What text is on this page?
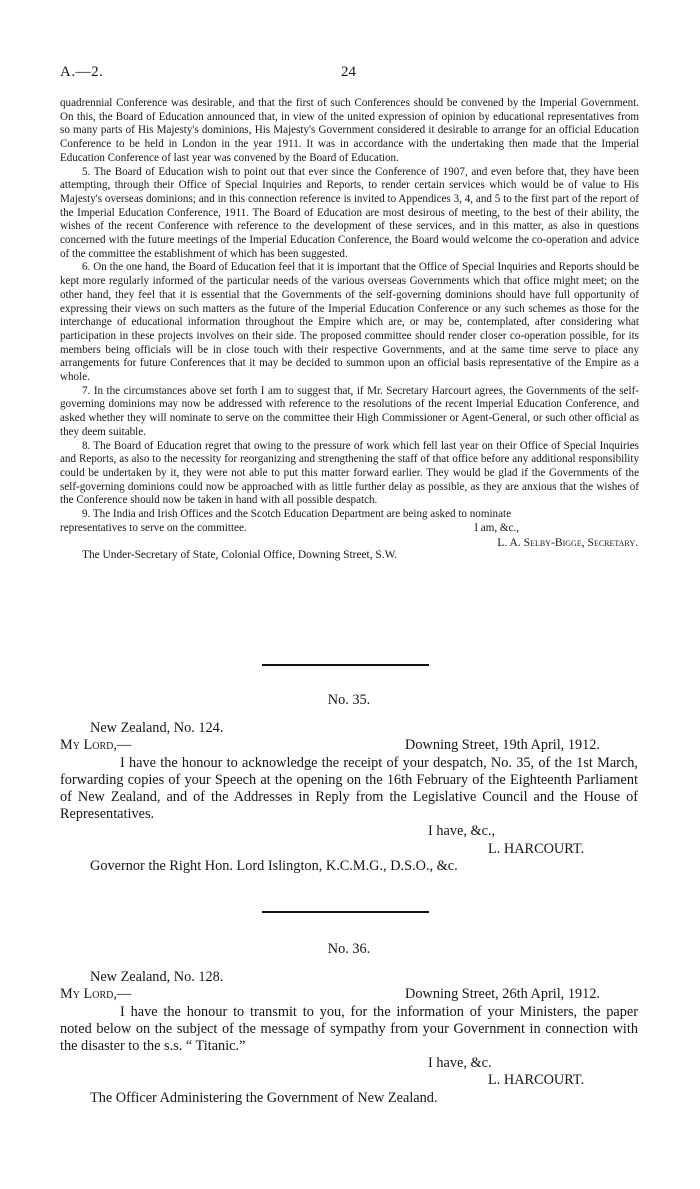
A.—2.	24

quadrennial Conference was desirable, and that the first of such Conferences should be convened by the Imperial Government. On this, the Board of Education announced that, in view of the united expression of opinion by educational representatives from so many parts of His Majesty's dominions, His Majesty's Government considered it desirable to arrange for an official Education Conference to be held in London in the year 1911. It was in accordance with the undertaking then made that the Imperial Education Conference of last year was convened by the Board of Education.

5. The Board of Education wish to point out that ever since the Conference of 1907, and even before that, they have been attempting, through their Office of Special Inquiries and Reports, to render certain services which would be of value to His Majesty's overseas dominions; and in this connection reference is invited to Appendices 3, 4, and 5 to the first part of the report of the Imperial Education Conference, 1911. The Board of Education are most desirous of meeting, to the best of their ability, the wishes of the recent Conference with reference to the development of these services, and in this matter, as also in questions concerned with the future meetings of the Imperial Education Conference, the Board would welcome the co-operation and advice of the committee the establishment of which has been suggested.

6. On the one hand, the Board of Education feel that it is important that the Office of Special Inquiries and Reports should be kept more regularly informed of the particular needs of the various overseas Governments which that office might meet; on the other hand, they feel that it is essential that the Governments of the self-governing dominions should have full opportunity of expressing their views on such matters as the future of the Imperial Education Conference or any such schemes as those for the interchange of educational information throughout the Empire which are, or may be, contemplated, after considering what participation in these projects involves on their side. The proposed committee should render closer co-operation possible, for its members being officials will be in close touch with their respective Governments, and at the same time serve to place any arrangements for future Conferences that it may be decided to summon upon an official basis representative of the Empire as a whole.

7. In the circumstances above set forth I am to suggest that, if Mr. Secretary Harcourt agrees, the Governments of the self-governing dominions may now be addressed with reference to the resolutions of the recent Imperial Education Conference, and asked whether they will nominate to serve on the committee their High Commissioner or Agent-General, or such other official as they deem suitable.

8. The Board of Education regret that owing to the pressure of work which fell last year on their Office of Special Inquiries and Reports, as also to the necessity for reorganizing and strengthening the staff of that office before any additional responsibility could be undertaken by it, they were not able to put this matter forward earlier. They would be glad if the Governments of the self-governing dominions could now be approached with as little further delay as possible, as they are anxious that the wishes of the Conference should now be taken in hand with all possible despatch.

9. The India and Irish Offices and the Scotch Education Department are being asked to nominate

representatives to serve on the committee.	I am, &c.,
L. A. Selby-Bigge, Secretary.
The Under-Secretary of State, Colonial Office, Downing Street, S.W.

No. 35.

New Zealand, No. 124.

My Lord,—	Downing Street, 19th April, 1912.

I have the honour to acknowledge the receipt of your despatch, No. 35, of the 1st March, forwarding copies of your Speech at the opening on the 16th February of the Eighteenth Parliament of New Zealand, and of the Addresses in Reply from the Legislative Council and the House of Representatives.

I have, &c.,

L. HARCOURT.

Governor the Right Hon. Lord Islington, K.C.M.G., D.S.O., &c.

No. 36.

New Zealand, No. 128.

My Lord,—	Downing Street, 26th April, 1912.

I have the honour to transmit to you, for the information of your Ministers, the paper noted below on the subject of the message of sympathy from your Government in connection with the disaster to the s.s. “ Titanic.”

I have, &c.

L. HARCOURT.

The Officer Administering the Government of New Zealand.
